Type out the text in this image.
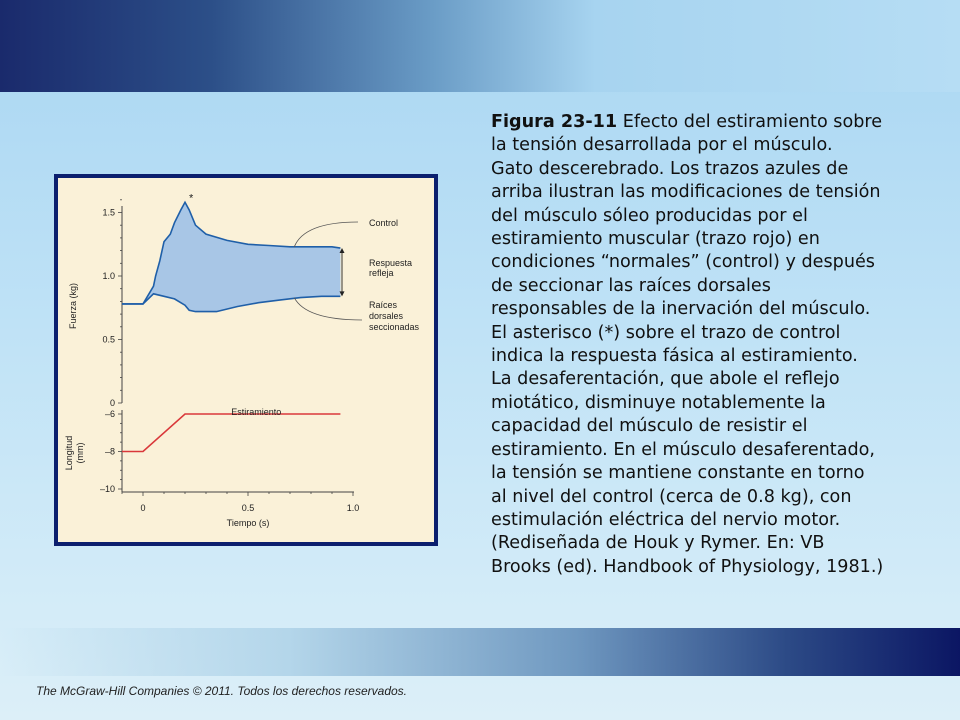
1.5
1.0
0.5
0
–6
–8
–10
0	0.5	1.0
Fuerza (kg)
Longitud (mm)
Tiempo (s)
*
Control
Respuesta
refleja
Raíces
dorsales
seccionadas
Estiramiento
Figura 23-11 Efecto del estiramiento sobre
la tensión desarrollada por el músculo.
Gato descerebrado. Los trazos azules de
arriba ilustran las modificaciones de tensión
del músculo sóleo producidas por el
estiramiento muscular (trazo rojo) en
condiciones “normales” (control) y después
de seccionar las raíces dorsales
responsables de la inervación del músculo.
El asterisco (*) sobre el trazo de control
indica la respuesta fásica al estiramiento.
La desaferentación, que abole el reflejo
miotático, disminuye notablemente la
capacidad del músculo de resistir el
estiramiento. En el músculo desaferentado,
la tensión se mantiene constante en torno
al nivel del control (cerca de 0.8 kg), con
estimulación eléctrica del nervio motor.
(Rediseñada de Houk y Rymer. En: VB
Brooks (ed). Handbook of Physiology, 1981.)
The McGraw-Hill Companies © 2011. Todos los derechos reservados.
